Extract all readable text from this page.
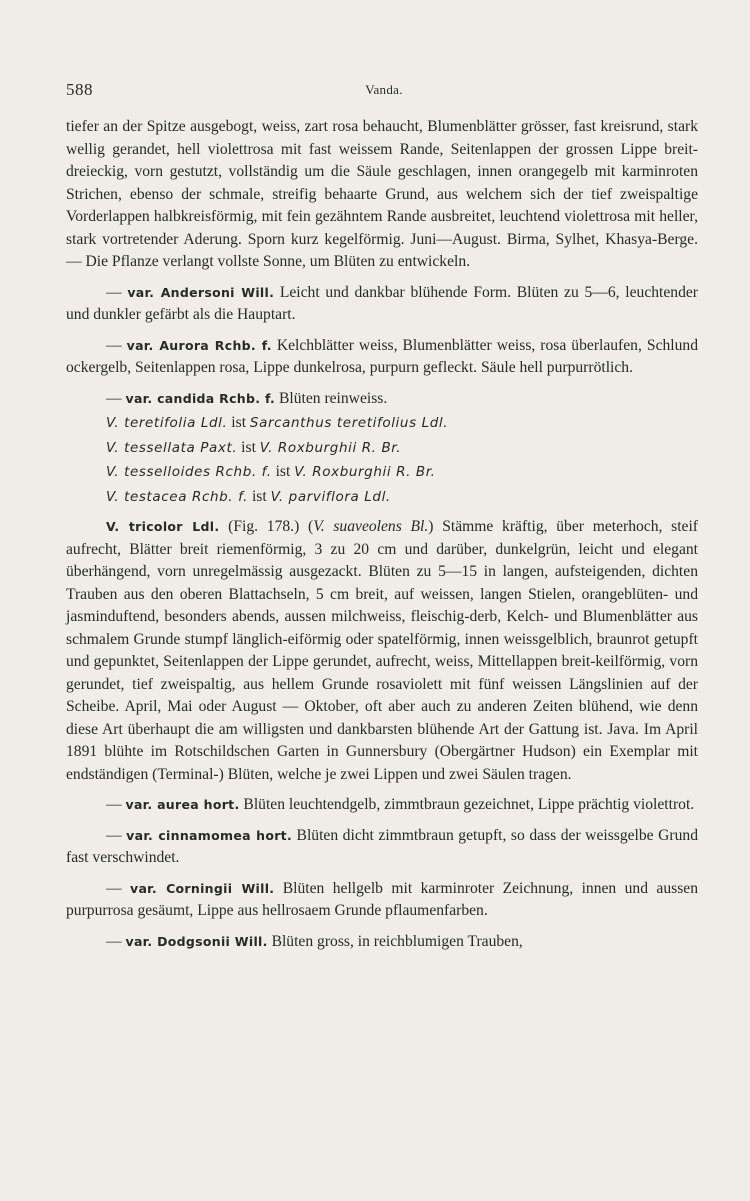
588	Vanda.

tiefer an der Spitze ausgebogt, weiss, zart rosa behaucht, Blumenblätter grösser, fast kreisrund, stark wellig gerandet, hell violettrosa mit fast weissem Rande, Seitenlappen der grossen Lippe breit-dreieckig, vorn gestutzt, vollständig um die Säule geschlagen, innen orangegelb mit karminroten Strichen, ebenso der schmale, streifig behaarte Grund, aus welchem sich der tief zweispaltige Vorderlappen halbkreisförmig, mit fein gezähntem Rande ausbreitet, leuchtend violettrosa mit heller, stark vortretender Aderung. Sporn kurz kegelförmig. Juni—August. Birma, Sylhet, Khasya-Berge. — Die Pflanze verlangt vollste Sonne, um Blüten zu entwickeln.

— var. Andersoni Will. Leicht und dankbar blühende Form. Blüten zu 5—6, leuchtender und dunkler gefärbt als die Hauptart.

— var. Aurora Rchb. f. Kelchblätter weiss, Blumenblätter weiss, rosa überlaufen, Schlund ockergelb, Seitenlappen rosa, Lippe dunkelrosa, purpurn gefleckt. Säule hell purpurrötlich.

— var. candida Rchb. f. Blüten reinweiss.

V. teretifolia Ldl. ist Sarcanthus teretifolius Ldl.

V. tessellata Paxt. ist V. Roxburghii R. Br.

V. tesselloides Rchb. f. ist V. Roxburghii R. Br.

V. testacea Rchb. f. ist V. parviflora Ldl.

V. tricolor Ldl. (Fig. 178.) (V. suaveolens Bl.) Stämme kräftig, über meterhoch, steif aufrecht, Blätter breit riemenförmig, 3 zu 20 cm und darüber, dunkelgrün, leicht und elegant überhängend, vorn unregelmässig ausgezackt. Blüten zu 5—15 in langen, aufsteigenden, dichten Trauben aus den oberen Blattachseln, 5 cm breit, auf weissen, langen Stielen, orangeblüten- und jasminduftend, besonders abends, aussen milchweiss, fleischig-derb, Kelch- und Blumenblätter aus schmalem Grunde stumpf länglich-eiförmig oder spatelförmig, innen weissgelblich, braunrot getupft und gepunktet, Seitenlappen der Lippe gerundet, aufrecht, weiss, Mittellappen breit-keilförmig, vorn gerundet, tief zweispaltig, aus hellem Grunde rosaviolett mit fünf weissen Längslinien auf der Scheibe. April, Mai oder August — Oktober, oft aber auch zu anderen Zeiten blühend, wie denn diese Art überhaupt die am willigsten und dankbarsten blühende Art der Gattung ist. Java. Im April 1891 blühte im Rotschildschen Garten in Gunnersbury (Obergärtner Hudson) ein Exemplar mit endständigen (Terminal-) Blüten, welche je zwei Lippen und zwei Säulen tragen.

— var. aurea hort. Blüten leuchtendgelb, zimmtbraun gezeichnet, Lippe prächtig violettrot.

— var. cinnamomea hort. Blüten dicht zimmtbraun getupft, so dass der weissgelbe Grund fast verschwindet.

— var. Corningii Will. Blüten hellgelb mit karminroter Zeichnung, innen und aussen purpurrosa gesäumt, Lippe aus hellrosaem Grunde pflaumenfarben.

— var. Dodgsonii Will. Blüten gross, in reichblumigen Trauben,
